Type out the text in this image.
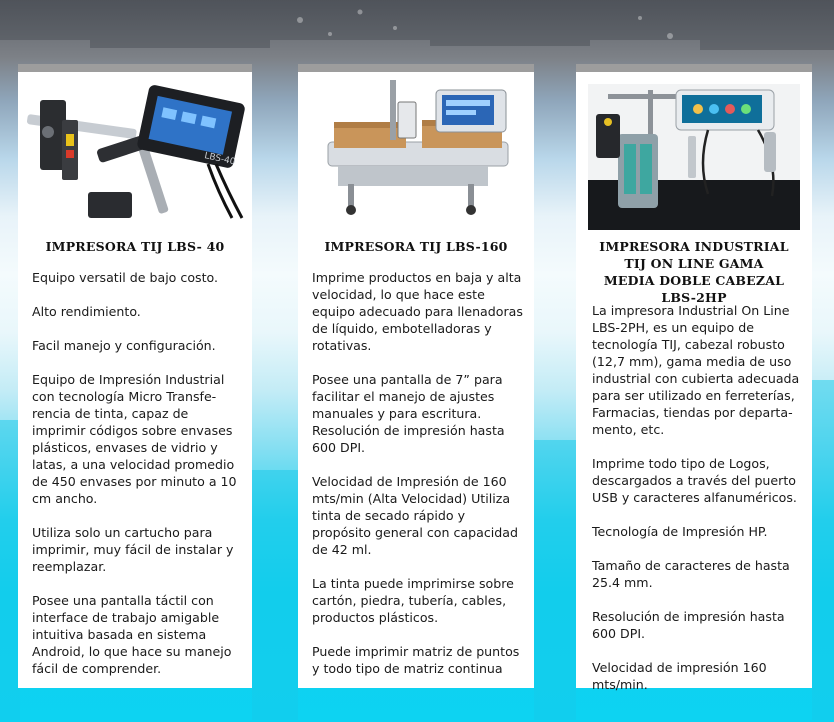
LBS-40
IMPRESORA TIJ LBS- 40

Equipo versatil de bajo costo.

Alto rendimiento.

Facil manejo y configuración.

Equipo de Impresión Industrial con tecnología Micro Transfe-rencia de tinta, capaz de imprimir códigos sobre envases plásticos, envases de vidrio y latas, a una velocidad promedio de 450 envases por minuto a 10 cm ancho.

Utiliza solo un cartucho para imprimir, muy fácil de instalar y reemplazar.

Posee una pantalla táctil con interface de trabajo amigable intuitiva basada en sistema Android, lo que hace su manejo fácil de comprender.

IMPRESORA TIJ LBS-160

Imprime productos en baja y alta velocidad, lo que hace este equipo adecuado para llenadoras de líquido, embotelladoras y rotativas.

Posee una pantalla de 7” para facilitar el manejo de ajustes manuales y para escritura. Resolución de impresión hasta 600 DPI.

Velocidad de Impresión de 160 mts/min (Alta Velocidad) Utiliza tinta de secado rápido y propósito general con capacidad de 42 ml.

La tinta puede imprimirse sobre cartón, piedra, tubería, cables, productos plásticos.

Puede imprimir matriz de puntos y todo tipo de matriz continua

IMPRESORA INDUSTRIAL TIJ ON LINE GAMA MEDIA DOBLE CABEZAL LBS-2HP

La impresora Industrial On Line LBS-2PH, es un equipo de tecnología TIJ, cabezal robusto (12,7 mm), gama media de uso industrial con cubierta adecuada para ser utilizado en ferreterías, Farmacias, tiendas por departa-mento, etc.

Imprime todo tipo de Logos, descargados a través del puerto USB y caracteres alfanuméricos.

Tecnología de Impresión HP.

Tamaño de caracteres de hasta 25.4 mm.

Resolución de impresión hasta 600 DPI.

Velocidad de impresión 160 mts/min.
